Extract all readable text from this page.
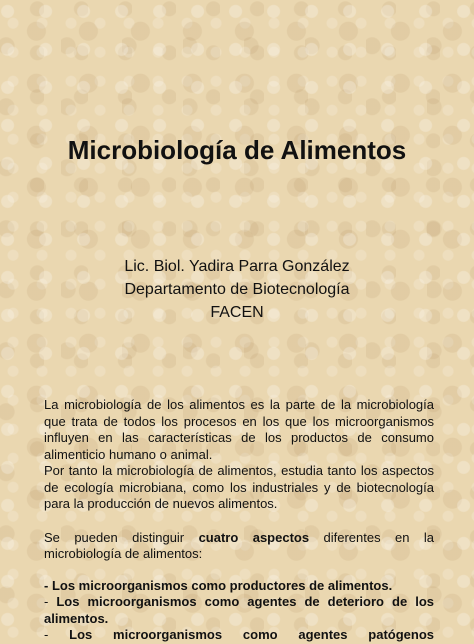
Microbiología de Alimentos
Lic. Biol. Yadira Parra González
Departamento de Biotecnología
FACEN

La microbiología de los alimentos es la parte de la microbiología que trata de todos los procesos en los que los microorganismos influyen en las características de los productos de consumo alimenticio humano o animal.

Por tanto la microbiología de alimentos, estudia tanto los aspectos de ecología microbiana, como los industriales y de biotecnología para la producción de nuevos alimentos.

Se pueden distinguir cuatro aspectos diferentes en la microbiología de alimentos:

- Los microorganismos como productores de alimentos.

- Los microorganismos como agentes de deterioro de los alimentos.

- Los microorganismos como agentes patógenos
